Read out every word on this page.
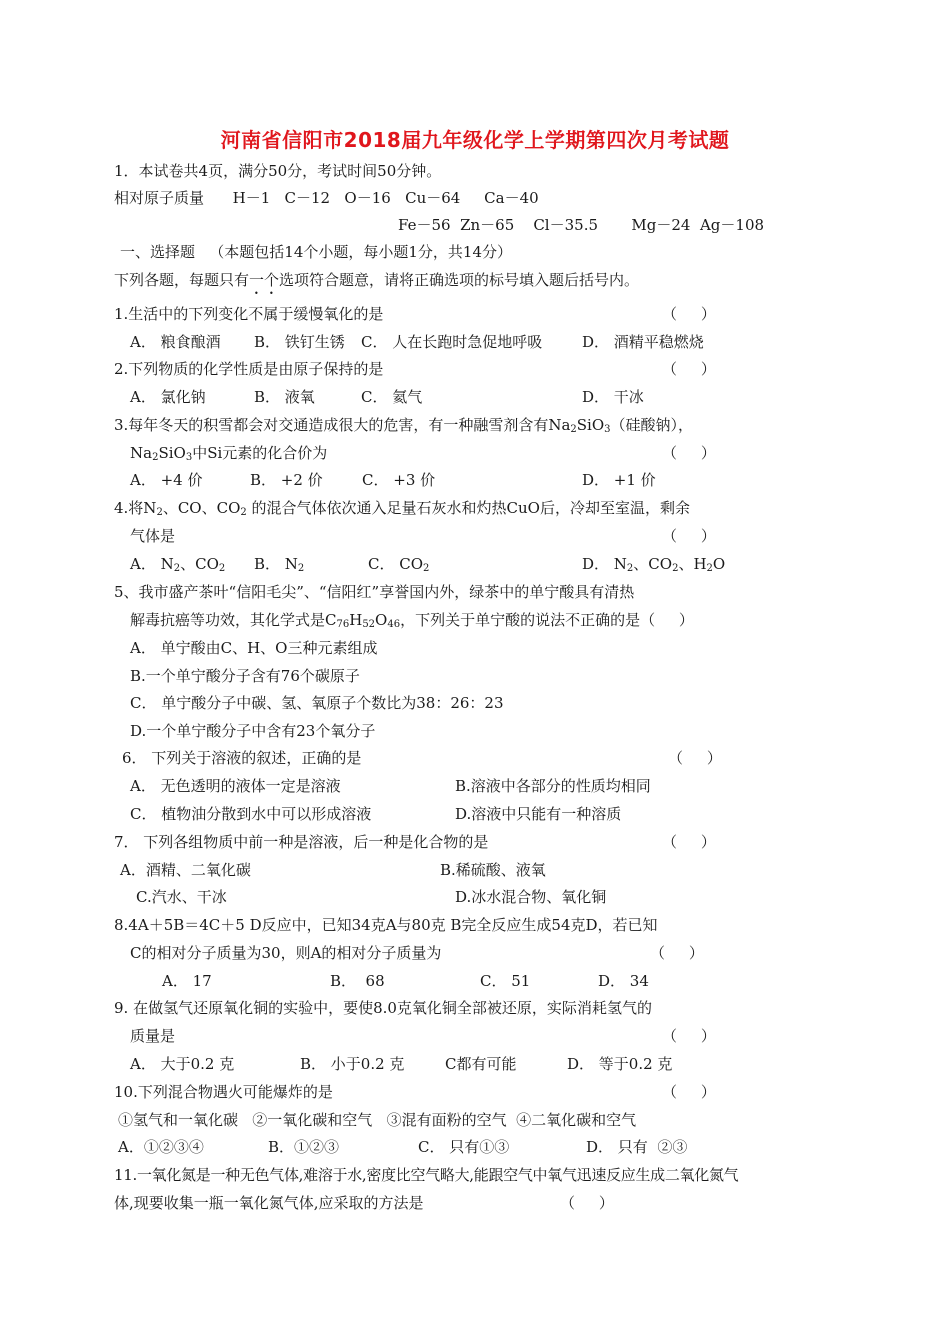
河南省信阳市2018届九年级化学上学期第四次月考试题
1．本试卷共4页，满分50分，考试时间50分钟。
相对原子质量      H－1   C－12   O－16   Cu－64     Ca－40
Fe－56  Zn－65    Cl－35.5       Mg－24  Ag－108
一、选择题   （本题包括14个小题，每小题1分，共14分）
下列各题，每题只有一个选项符合题意，请将正确选项的标号填入题后括号内。
1.生活中的下列变化不属于缓慢氧化的是	（     ）
A． 粮食酿酒 B． 铁钉生锈 C． 人在长跑时急促地呼吸	D． 酒精平稳燃烧
2.下列物质的化学性质是由原子保持的是	（     ）
A． 氯化钠	B． 液氧	C． 氦气	D． 干冰
3.每年冬天的积雪都会对交通造成很大的危害，有一种融雪剂含有$Na_2SiO_3$（硅酸钠），
$Na_2SiO_3$中Si元素的化合价为	（     ）
A． +4 价	B． +2 价	C． +3 价	D． +1 价
4.将$N_2$、CO、$CO_2$ 的混合气体依次通入足量石灰水和灼热CuO后，冷却至室温，剩余
气体是	（     ）
A． $N_2$、$CO_2$ B． $N_2$	C． $CO_2$	D． $N_2$、$CO_2$、$H_2O$
5、我市盛产茶叶“信阳毛尖”、“信阳红”享誉国内外，绿茶中的单宁酸具有清热
解毒抗癌等功效，其化学式是$C_{76}H_{52}O_{46}$，下列关于单宁酸的说法不正确的是（     ）
A． 单宁酸由C、H、O三种元素组成
B.一个单宁酸分子含有76个碳原子
C． 单宁酸分子中碳、氢、氧原子个数比为38：26：23
D.一个单宁酸分子中含有23个氧分子
6． 下列关于溶液的叙述，正确的是	（     ）
A． 无色透明的液体一定是溶液	B.溶液中各部分的性质均相同
C． 植物油分散到水中可以形成溶液	D.溶液中只能有一种溶质
7． 下列各组物质中前一种是溶液，后一种是化合物的是	（     ）
A．酒精、二氧化碳	B.稀硫酸、液氧
C.汽水、干冰	D.冰水混合物、氧化铜
8.4A＋5B＝4C＋5 D反应中，已知34克A与80克 B完全反应生成54克D，若已知
C的相对分子质量为30，则A的相对分子质量为	（     ）
A． 17	B．  68	C． 51	D． 34
9. 在做氢气还原氧化铜的实验中，要使8.0克氧化铜全部被还原，实际消耗氢气的
质量是	（     ）
A． 大于0.2 克	B． 小于0.2 克	C都有可能	D． 等于0.2 克
10.下列混合物遇火可能爆炸的是	（     ）
①氢气和一氧化碳   ②一氧化碳和空气   ③混有面粉的空气  ④二氧化碳和空气
A．①②③④	B．①②③	C． 只有①③	D． 只有  ②③
11.一氧化氮是一种无色气体,难溶于水,密度比空气略大,能跟空气中氧气迅速反应生成二氧化氮气
体,现要收集一瓶一氧化氮气体,应采取的方法是	（     ）
